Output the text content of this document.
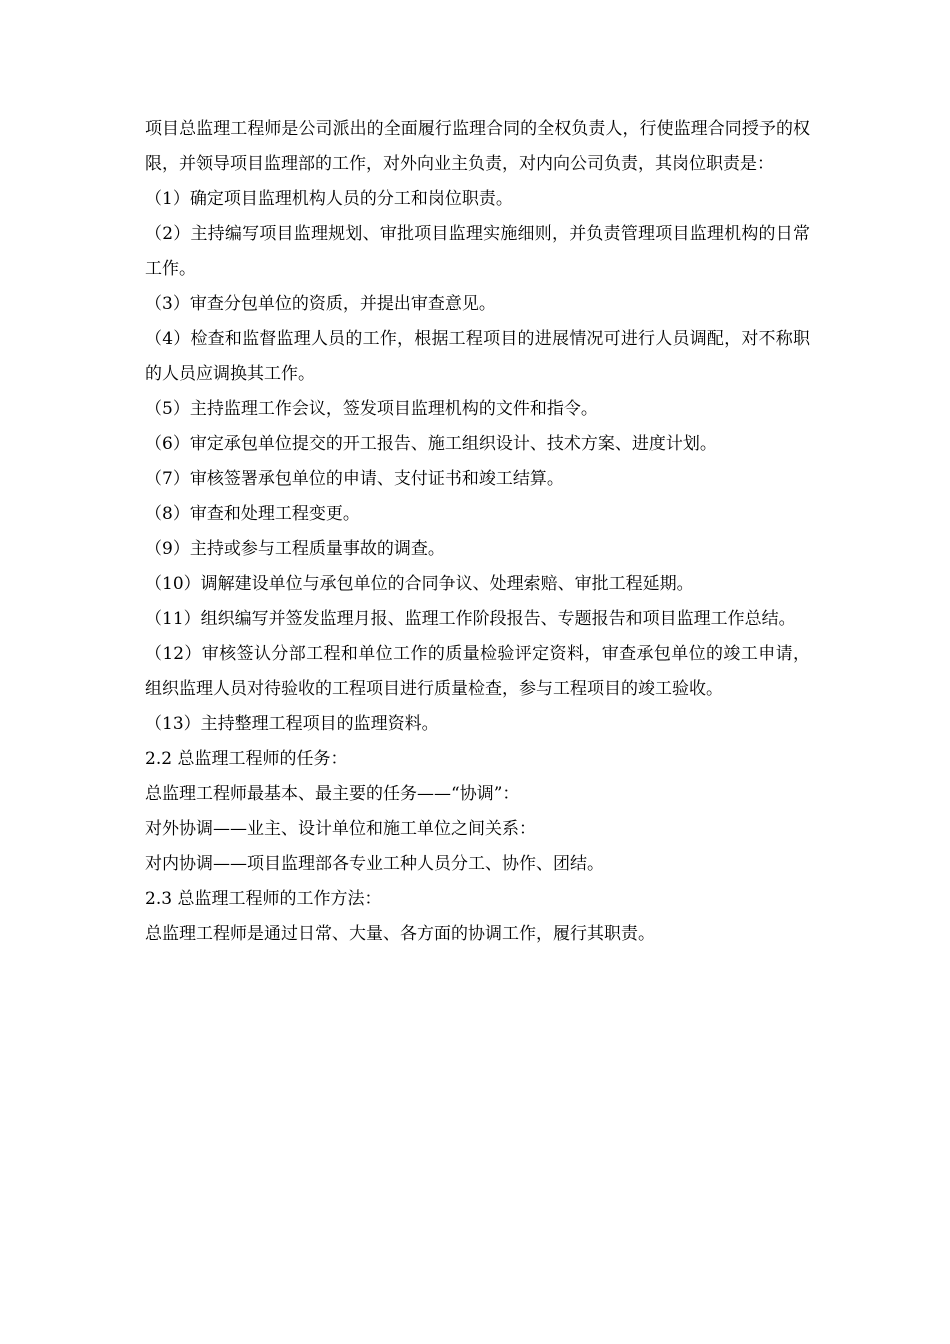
项目总监理工程师是公司派出的全面履行监理合同的全权负责人，行使监理合同授予的权限，并领导项目监理部的工作，对外向业主负责，对内向公司负责，其岗位职责是：

（1）确定项目监理机构人员的分工和岗位职责。

（2）主持编写项目监理规划、审批项目监理实施细则，并负责管理项目监理机构的日常工作。

（3）审查分包单位的资质，并提出审查意见。

（4）检查和监督监理人员的工作，根据工程项目的进展情况可进行人员调配，对不称职的人员应调换其工作。

（5）主持监理工作会议，签发项目监理机构的文件和指令。

（6）审定承包单位提交的开工报告、施工组织设计、技术方案、进度计划。

（7）审核签署承包单位的申请、支付证书和竣工结算。

（8）审查和处理工程变更。

（9）主持或参与工程质量事故的调查。

（10）调解建设单位与承包单位的合同争议、处理索赔、审批工程延期。

（11）组织编写并签发监理月报、监理工作阶段报告、专题报告和项目监理工作总结。

（12）审核签认分部工程和单位工作的质量检验评定资料，审查承包单位的竣工申请，组织监理人员对待验收的工程项目进行质量检查，参与工程项目的竣工验收。

（13）主持整理工程项目的监理资料。

2.2 总监理工程师的任务：

总监理工程师最基本、最主要的任务——“协调”：

对外协调——业主、设计单位和施工单位之间关系：

对内协调——项目监理部各专业工种人员分工、协作、团结。

2.3 总监理工程师的工作方法：

总监理工程师是通过日常、大量、各方面的协调工作，履行其职责。
